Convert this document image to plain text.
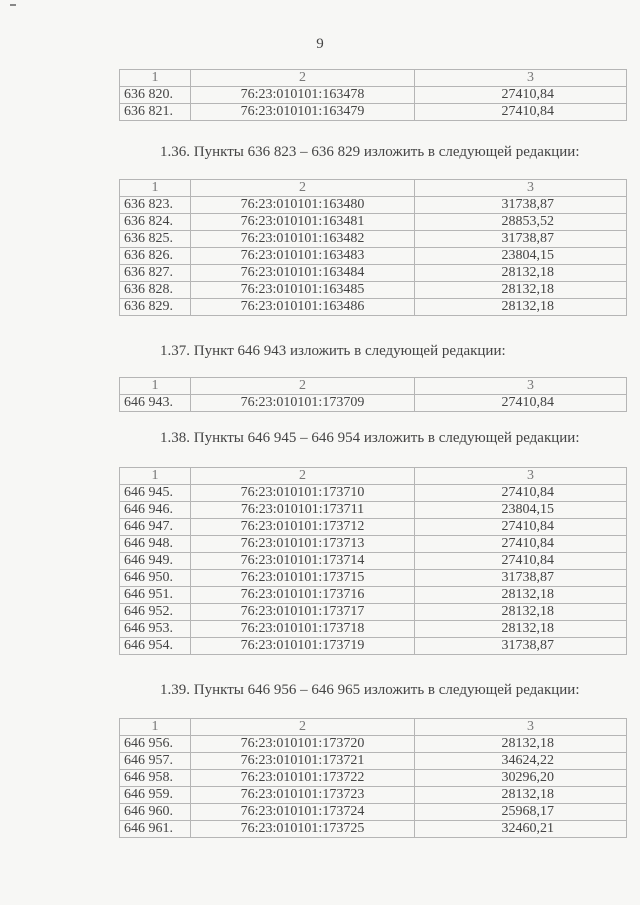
9
1	2	3
636 820.	76:23:010101:163478	27410,84
636 821.	76:23:010101:163479	27410,84
1.36. Пункты 636 823 – 636 829 изложить в следующей редакции:
1	2	3
636 823.	76:23:010101:163480	31738,87
636 824.	76:23:010101:163481	28853,52
636 825.	76:23:010101:163482	31738,87
636 826.	76:23:010101:163483	23804,15
636 827.	76:23:010101:163484	28132,18
636 828.	76:23:010101:163485	28132,18
636 829.	76:23:010101:163486	28132,18
1.37. Пункт 646 943 изложить в следующей редакции:
1	2	3
646 943.	76:23:010101:173709	27410,84
1.38. Пункты 646 945 – 646 954 изложить в следующей редакции:
1	2	3
646 945.	76:23:010101:173710	27410,84
646 946.	76:23:010101:173711	23804,15
646 947.	76:23:010101:173712	27410,84
646 948.	76:23:010101:173713	27410,84
646 949.	76:23:010101:173714	27410,84
646 950.	76:23:010101:173715	31738,87
646 951.	76:23:010101:173716	28132,18
646 952.	76:23:010101:173717	28132,18
646 953.	76:23:010101:173718	28132,18
646 954.	76:23:010101:173719	31738,87
1.39. Пункты 646 956 – 646 965 изложить в следующей редакции:
1	2	3
646 956.	76:23:010101:173720	28132,18
646 957.	76:23:010101:173721	34624,22
646 958.	76:23:010101:173722	30296,20
646 959.	76:23:010101:173723	28132,18
646 960.	76:23:010101:173724	25968,17
646 961.	76:23:010101:173725	32460,21
